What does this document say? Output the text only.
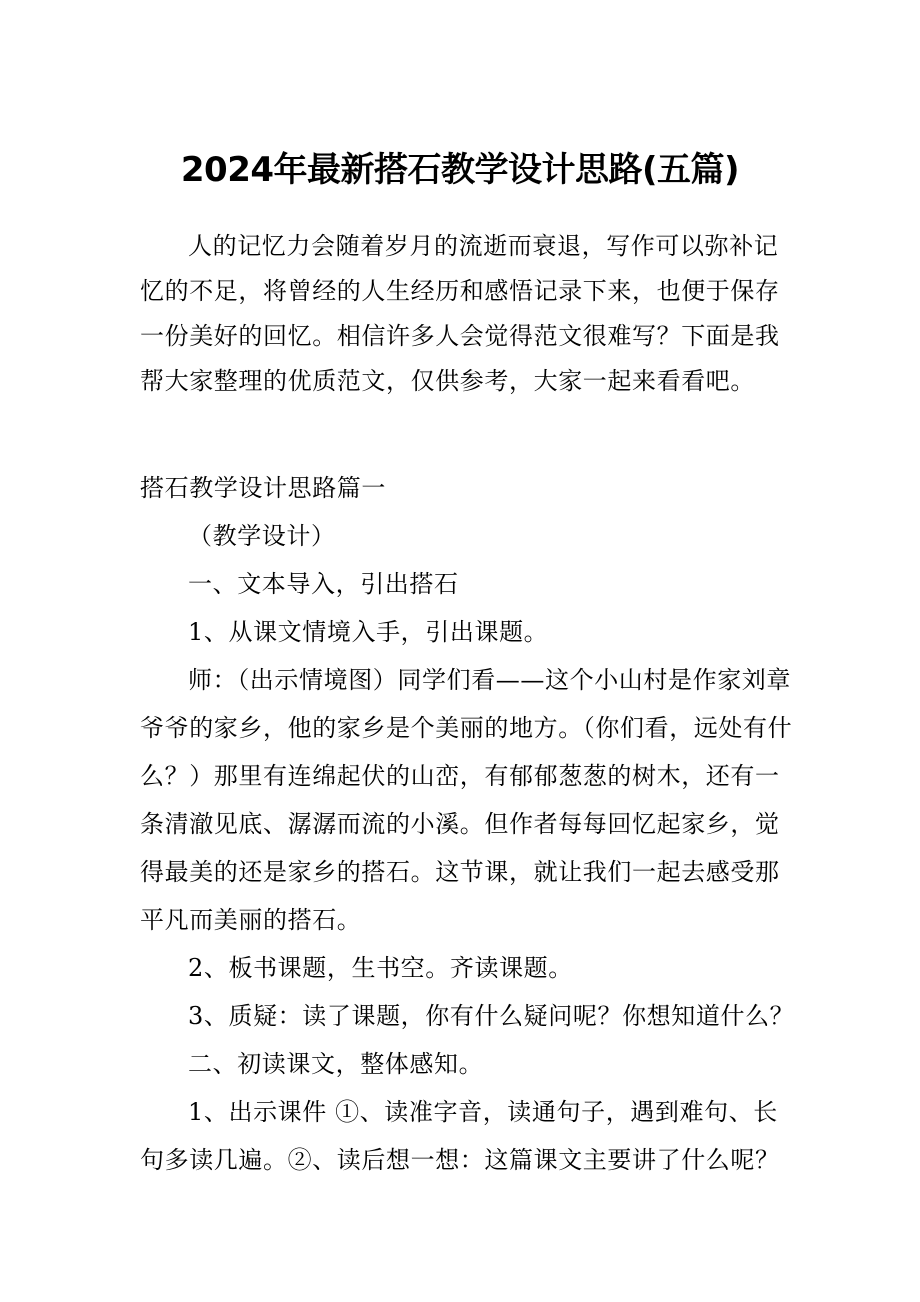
2024年最新搭石教学设计思路(五篇)

人的记忆力会随着岁月的流逝而衰退，写作可以弥补记忆的不足，将曾经的人生经历和感悟记录下来，也便于保存一份美好的回忆。相信许多人会觉得范文很难写？下面是我帮大家整理的优质范文，仅供参考，大家一起来看看吧。

搭石教学设计思路篇一

（教学设计）

一、文本导入，引出搭石

1、从课文情境入手，引出课题。

师：（出示情境图）同学们看——这个小山村是作家刘章爷爷的家乡，他的家乡是个美丽的地方。（你们看，远处有什么？）那里有连绵起伏的山峦，有郁郁葱葱的树木，还有一条清澈见底、潺潺而流的小溪。但作者每每回忆起家乡，觉得最美的还是家乡的搭石。这节课，就让我们一起去感受那平凡而美丽的搭石。

2、板书课题，生书空。齐读课题。

3、质疑：读了课题，你有什么疑问呢？你想知道什么？

二、初读课文，整体感知。

1、出示课件 ①、读准字音，读通句子，遇到难句、长句多读几遍。②、读后想一想：这篇课文主要讲了什么呢？
